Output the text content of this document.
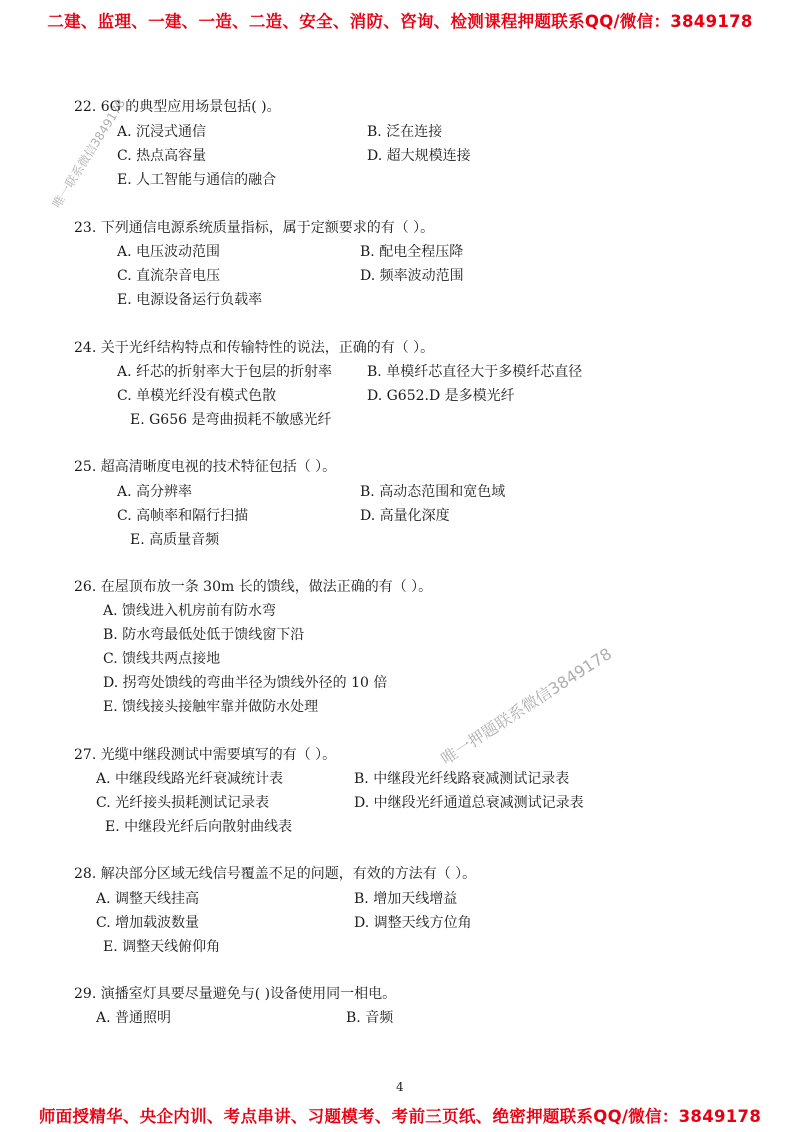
二建、监理、一建、一造、二造、安全、消防、咨询、检测课程押题联系QQ/微信：3849178
22. 6G 的典型应用场景包括( )。
A. 沉浸式通信	B. 泛在连接
C. 热点高容量	D. 超大规模连接
E. 人工智能与通信的融合
23. 下列通信电源系统质量指标，属于定额要求的有（ ）。
A. 电压波动范围	B. 配电全程压降
C. 直流杂音电压	D. 频率波动范围
E. 电源设备运行负载率
24. 关于光纤结构特点和传输特性的说法，正确的有（ ）。
A. 纤芯的折射率大于包层的折射率 B. 单模纤芯直径大于多模纤芯直径
C. 单模光纤没有模式色散	D. G652.D 是多模光纤
E. G656 是弯曲损耗不敏感光纤
25. 超高清晰度电视的技术特征包括（ ）。
A. 高分辨率	B. 高动态范围和宽色域
C. 高帧率和隔行扫描	D. 高量化深度
E. 高质量音频
26. 在屋顶布放一条 30m 长的馈线，做法正确的有（ ）。
A. 馈线进入机房前有防水弯
B. 防水弯最低处低于馈线窗下沿
C. 馈线共两点接地
D. 拐弯处馈线的弯曲半径为馈线外径的 10 倍
E. 馈线接头接触牢靠并做防水处理
27. 光缆中继段测试中需要填写的有（ ）。
A. 中继段线路光纤衰减统计表	B. 中继段光纤线路衰减测试记录表
C. 光纤接头损耗测试记录表	D. 中继段光纤通道总衰减测试记录表
E. 中继段光纤后向散射曲线表
28. 解决部分区域无线信号覆盖不足的问题，有效的方法有（ ）。
A. 调整天线挂高	B. 增加天线增益
C. 增加载波数量	D. 调整天线方位角
E. 调整天线俯仰角
29. 演播室灯具要尽量避免与( )设备使用同一相电。
A. 普通照明	B. 音频
唯一联系微信3849178
唯一押题联系微信3849178
4
师面授精华、央企内训、考点串讲、习题模考、考前三页纸、绝密押题联系QQ/微信：3849178
